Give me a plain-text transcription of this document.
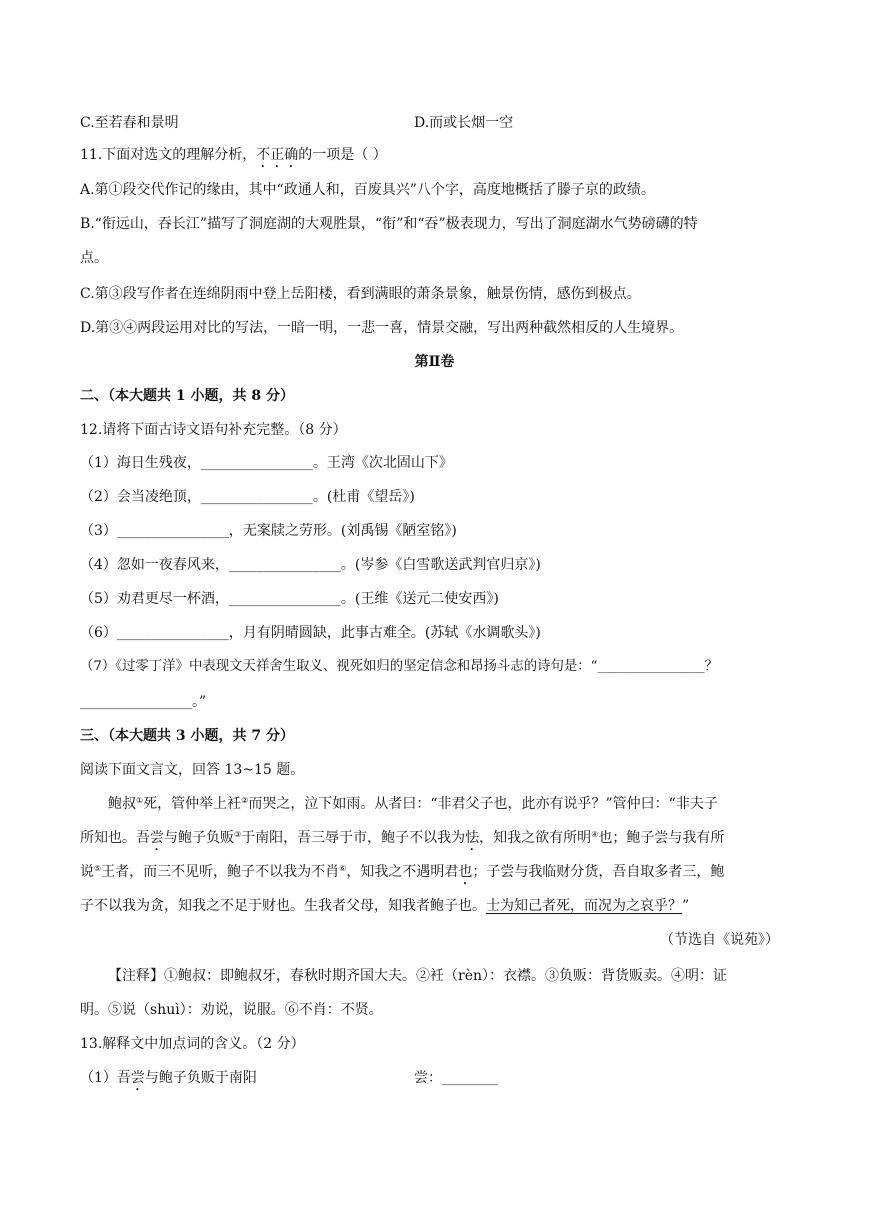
C.至若春和景明	D.而或长烟一空
11.下面对选文的理解分析，不正确的一项是（ ）
A.第①段交代作记的缘由，其中“政通人和，百废具兴”八个字，高度地概括了滕子京的政绩。
B.“衔远山，吞长江”描写了洞庭湖的大观胜景，“衔”和“吞”极表现力，写出了洞庭湖水气势磅礴的特
点。
C.第③段写作者在连绵阴雨中登上岳阳楼，看到满眼的萧条景象，触景伤情，感伤到极点。
D.第③④两段运用对比的写法，一暗一明，一悲一喜，情景交融，写出两种截然相反的人生境界。
第Ⅱ卷
二、（本大题共 1 小题，共 8 分）
12.请将下面古诗文语句补充完整。（8 分）
（1）海日生残夜，________________。王湾《次北固山下》
（2）会当凌绝顶，________________。(杜甫《望岳》)
（3）________________，无案牍之劳形。(刘禹锡《陋室铭》)
（4）忽如一夜春风来，________________。(岑参《白雪歌送武判官归京》)
（5）劝君更尽一杯酒，________________。(王维《送元二使安西》)
（6）________________，月有阴晴圆缺，此事古难全。(苏轼《水调歌头》)
（7）《过零丁洋》中表现文天祥舍生取义、视死如归的坚定信念和昂扬斗志的诗句是：“________________？
________________。”
三、（本大题共 3 小题，共 7 分）
阅读下面文言文，回答 13~15 题。
鲍叔①死，管仲举上衽②而哭之，泣下如雨。从者曰：“非君父子也，此亦有说乎？”管仲曰：“非夫子
所知也。吾尝与鲍子负贩③于南阳，吾三辱于市，鲍子不以我为怯，知我之欲有所明④也；鲍子尝与我有所
说⑤王者，而三不见听，鲍子不以我为不肖⑥，知我之不遇明君也；子尝与我临财分货，吾自取多者三，鲍
子不以我为贪，知我之不足于财也。生我者父母，知我者鲍子也。士为知己者死，而况为之哀乎？”
（节选自《说苑》）
【注释】①鲍叔：即鲍叔牙，春秋时期齐国大夫。②衽（rèn）：衣襟。③负贩：背货贩卖。④明：证
明。⑤说（shuì）：劝说，说服。⑥不肖：不贤。
13.解释文中加点词的含义。（2 分）
（1）吾尝与鲍子负贩于南阳	尝：________
